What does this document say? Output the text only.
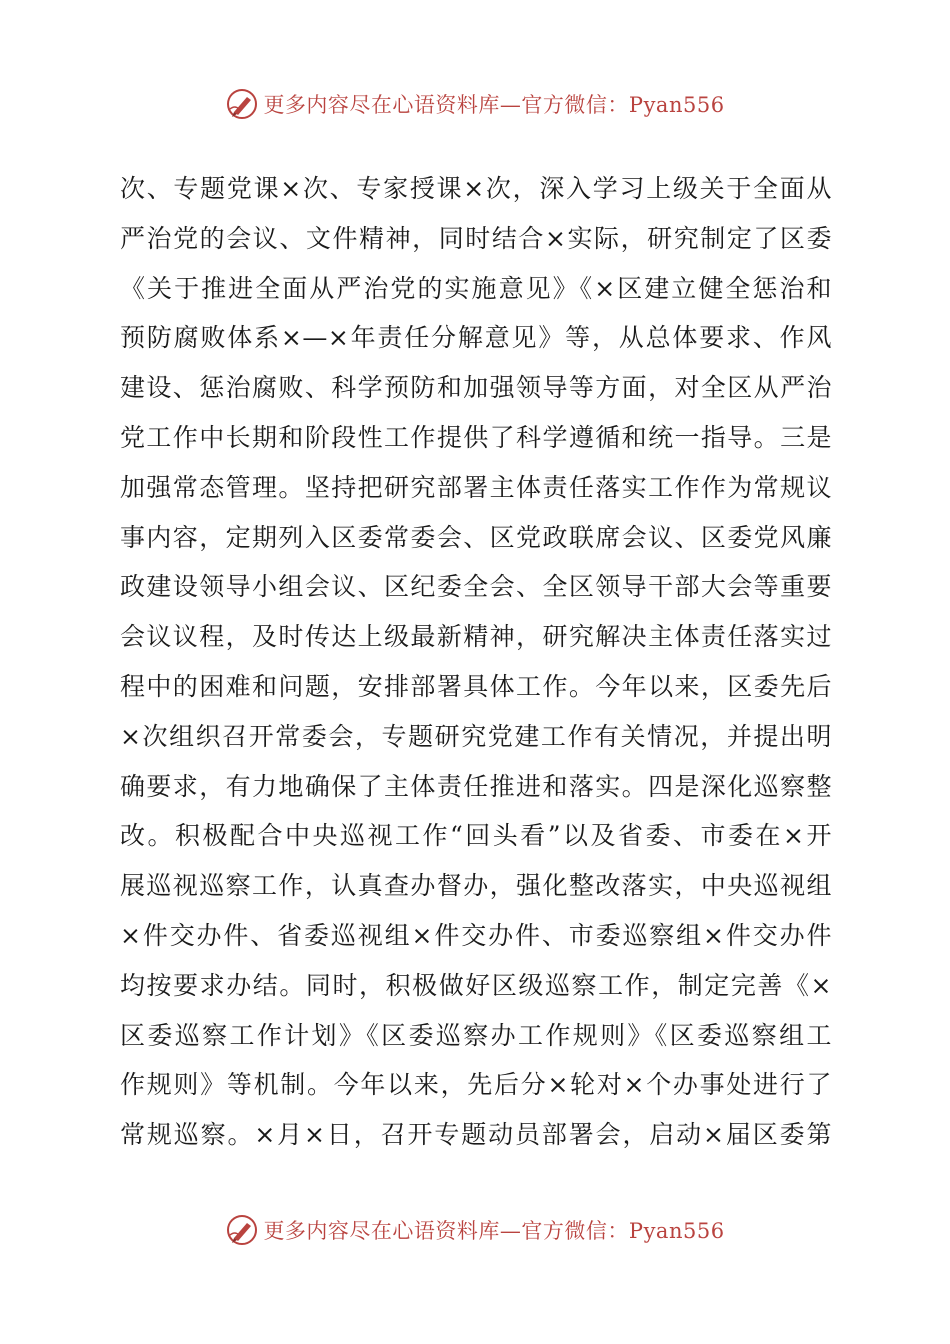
更多内容尽在心语资料库—官方微信：Pyan556
次、专题党课×次、专家授课×次，深入学习上级关于全面从
严治党的会议、文件精神，同时结合×实际，研究制定了区委
《关于推进全面从严治党的实施意见》《×区建立健全惩治和
预防腐败体系×—×年责任分解意见》等，从总体要求、作风
建设、惩治腐败、科学预防和加强领导等方面，对全区从严治
党工作中长期和阶段性工作提供了科学遵循和统一指导。三是
加强常态管理。坚持把研究部署主体责任落实工作作为常规议
事内容，定期列入区委常委会、区党政联席会议、区委党风廉
政建设领导小组会议、区纪委全会、全区领导干部大会等重要
会议议程，及时传达上级最新精神，研究解决主体责任落实过
程中的困难和问题，安排部署具体工作。今年以来，区委先后
×次组织召开常委会，专题研究党建工作有关情况，并提出明
确要求，有力地确保了主体责任推进和落实。四是深化巡察整
改。积极配合中央巡视工作“回头看”以及省委、市委在×开
展巡视巡察工作，认真查办督办，强化整改落实，中央巡视组
×件交办件、省委巡视组×件交办件、市委巡察组×件交办件
均按要求办结。同时，积极做好区级巡察工作，制定完善《×
区委巡察工作计划》《区委巡察办工作规则》《区委巡察组工
作规则》等机制。今年以来，先后分×轮对×个办事处进行了
常规巡察。×月×日，召开专题动员部署会，启动×届区委第
更多内容尽在心语资料库—官方微信：Pyan556
